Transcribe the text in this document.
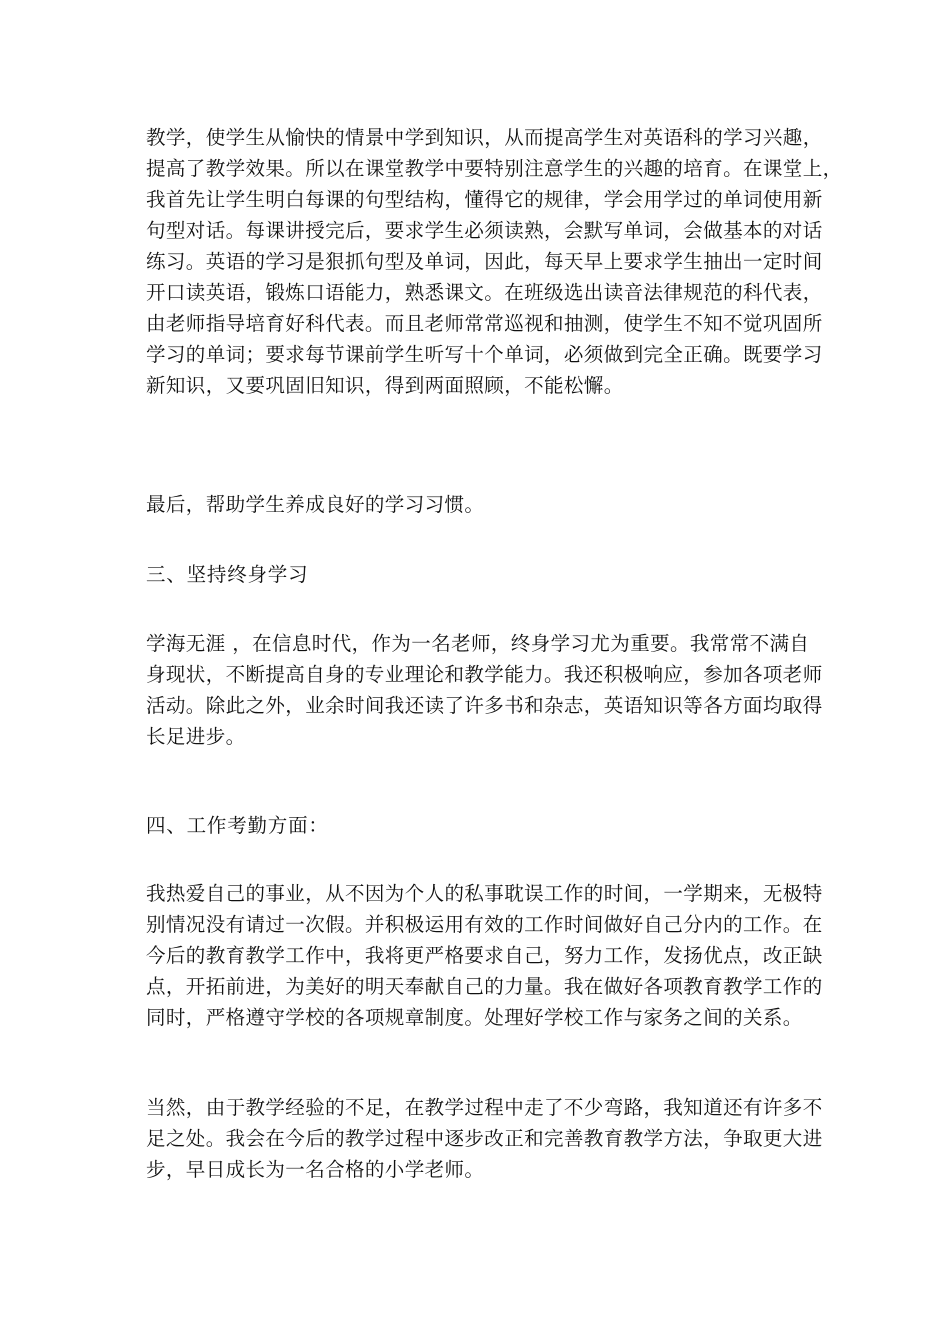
教学，使学生从愉快的情景中学到知识，从而提高学生对英语科的学习兴趣，
提高了教学效果。所以在课堂教学中要特别注意学生的兴趣的培育。在课堂上，
我首先让学生明白每课的句型结构，懂得它的规律，学会用学过的单词使用新
句型对话。每课讲授完后，要求学生必须读熟，会默写单词，会做基本的对话
练习。英语的学习是狠抓句型及单词，因此，每天早上要求学生抽出一定时间
开口读英语，锻炼口语能力，熟悉课文。在班级选出读音法律规范的科代表，
由老师指导培育好科代表。而且老师常常巡视和抽测，使学生不知不觉巩固所
学习的单词；要求每节课前学生听写十个单词，必须做到完全正确。既要学习
新知识，又要巩固旧知识，得到两面照顾，不能松懈。
最后，帮助学生养成良好的学习习惯。
三、坚持终身学习
学海无涯 ，在信息时代，作为一名老师，终身学习尤为重要。我常常不满自
身现状，不断提高自身的专业理论和教学能力。我还积极响应，参加各项老师
活动。除此之外，业余时间我还读了许多书和杂志，英语知识等各方面均取得
长足进步。
四、工作考勤方面：
我热爱自己的事业，从不因为个人的私事耽误工作的时间，一学期来，无极特
别情况没有请过一次假。并积极运用有效的工作时间做好自己分内的工作。在
今后的教育教学工作中，我将更严格要求自己，努力工作，发扬优点，改正缺
点，开拓前进，为美好的明天奉献自己的力量。我在做好各项教育教学工作的
同时，严格遵守学校的各项规章制度。处理好学校工作与家务之间的关系。
当然，由于教学经验的不足，在教学过程中走了不少弯路，我知道还有许多不
足之处。我会在今后的教学过程中逐步改正和完善教育教学方法，争取更大进
步，早日成长为一名合格的小学老师。
